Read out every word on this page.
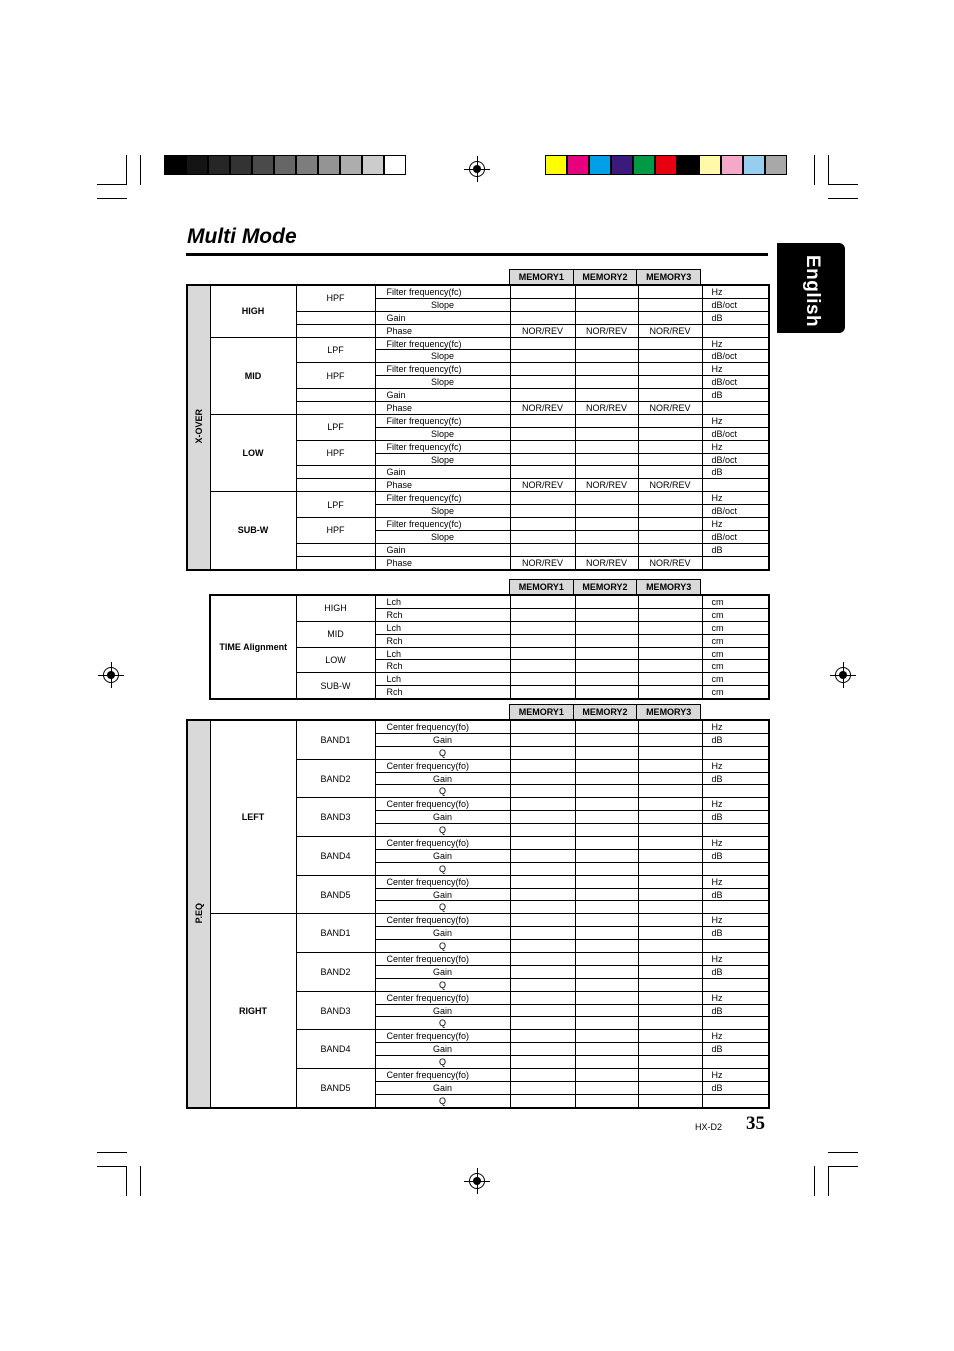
Multi Mode
English
MEMORY1	MEMORY2	MEMORY3
MEMORY1	MEMORY2	MEMORY3
MEMORY1	MEMORY2	MEMORY3
X-OVER	HIGH	HPF	Filter frequency(fc)				Hz
			Slope				dB/oct
			Gain				dB
			Phase	NOR/REV	NOR/REV	NOR/REV	
	MID	LPF	Filter frequency(fc)				Hz
			Slope				dB/oct
		HPF	Filter frequency(fc)				Hz
			Slope				dB/oct
			Gain				dB
			Phase	NOR/REV	NOR/REV	NOR/REV	
	LOW	LPF	Filter frequency(fc)				Hz
			Slope				dB/oct
		HPF	Filter frequency(fc)				Hz
			Slope				dB/oct
			Gain				dB
			Phase	NOR/REV	NOR/REV	NOR/REV	
	SUB-W	LPF	Filter frequency(fc)				Hz
			Slope				dB/oct
		HPF	Filter frequency(fc)				Hz
			Slope				dB/oct
			Gain				dB
			Phase	NOR/REV	NOR/REV	NOR/REV	
TIME Alignment	HIGH	Lch				cm
		Rch				cm
	MID	Lch				cm
		Rch				cm
	LOW	Lch				cm
		Rch				cm
	SUB-W	Lch				cm
		Rch				cm
P.EQ	LEFT	BAND1	Center frequency(fo)				Hz
			Gain				dB
			Q				
		BAND2	Center frequency(fo)				Hz
			Gain				dB
			Q				
		BAND3	Center frequency(fo)				Hz
			Gain				dB
			Q				
		BAND4	Center frequency(fo)				Hz
			Gain				dB
			Q				
		BAND5	Center frequency(fo)				Hz
			Gain				dB
			Q				
	RIGHT	BAND1	Center frequency(fo)				Hz
			Gain				dB
			Q				
		BAND2	Center frequency(fo)				Hz
			Gain				dB
			Q				
		BAND3	Center frequency(fo)				Hz
			Gain				dB
			Q				
		BAND4	Center frequency(fo)				Hz
			Gain				dB
			Q				
		BAND5	Center frequency(fo)				Hz
			Gain				dB
			Q				
HX-D2 35
